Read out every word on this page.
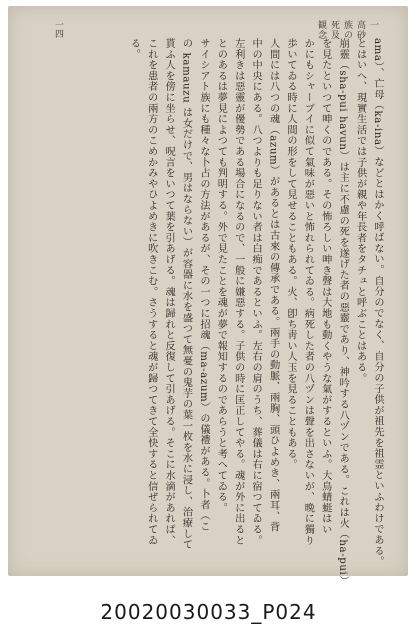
一　高砂族の死及観念
一四
ama）、亡母（ka-ina）などとはかく呼ばない。自分のでなく、自分の子供が祖先を祖霊といふわけである。
とはいへ、現實生活では子供が親や年長者をタチュと呼ぶことはある。
崩靈（sha-pui havun）は主に不慮の死を遂げた者の惡靈であり、神吟する八ヅンである。これは火（ha-pui）
を見たといつて呻くのである。その怖ろしい呻き聲は大地も動くやうな氣がするといふ。大鳥蜻蜓はい
かにもシャーブイに似て氣味が惡いと怖れられてゐる。病死した者の八ヅンは聲を出さないが、晩に獨り
歩いてゐる時に人間の形をして見せることもある。火、卽ち靑い人玉を見ることもある。
人間には八つの魂（azum）があるとは古來の傳承である。兩手の動脈、兩胸、頭ひよめき、兩耳、背
中の中央にある。八つよりも足りない者は白痴であるといふ。左右の肩のうち、葬儀は右に宿つてゐる。
左利きは惡靈が優勢である場合になるので、一般に嫌惡する。子供の時に匡正してやる。魂が外に出ると
とのあるは夢見によつても判明する。外で見たことを魂が夢で報知するのであらうと考へてゐる。
サイシアト族にも種々な卜占の方法があるが、その一つに招魂（ma-azum）の儀禮がある。卜者（こ
の kamauzu は女だけで、男はならない）が容器に水を盛つて無憂の鬼芋の葉一枚を水に浸し、治療して
貰ふ人を傍に坐らせ、呪言をいつて葉を引あげる。魂は歸れと反復して引あげる。そこに水滴があれば、
これを患者の兩方のこめかみやひよめきに吹きこむ。さうすると魂が歸つてきて全快すると信ぜられてゐ
る。
20020030033_P024
